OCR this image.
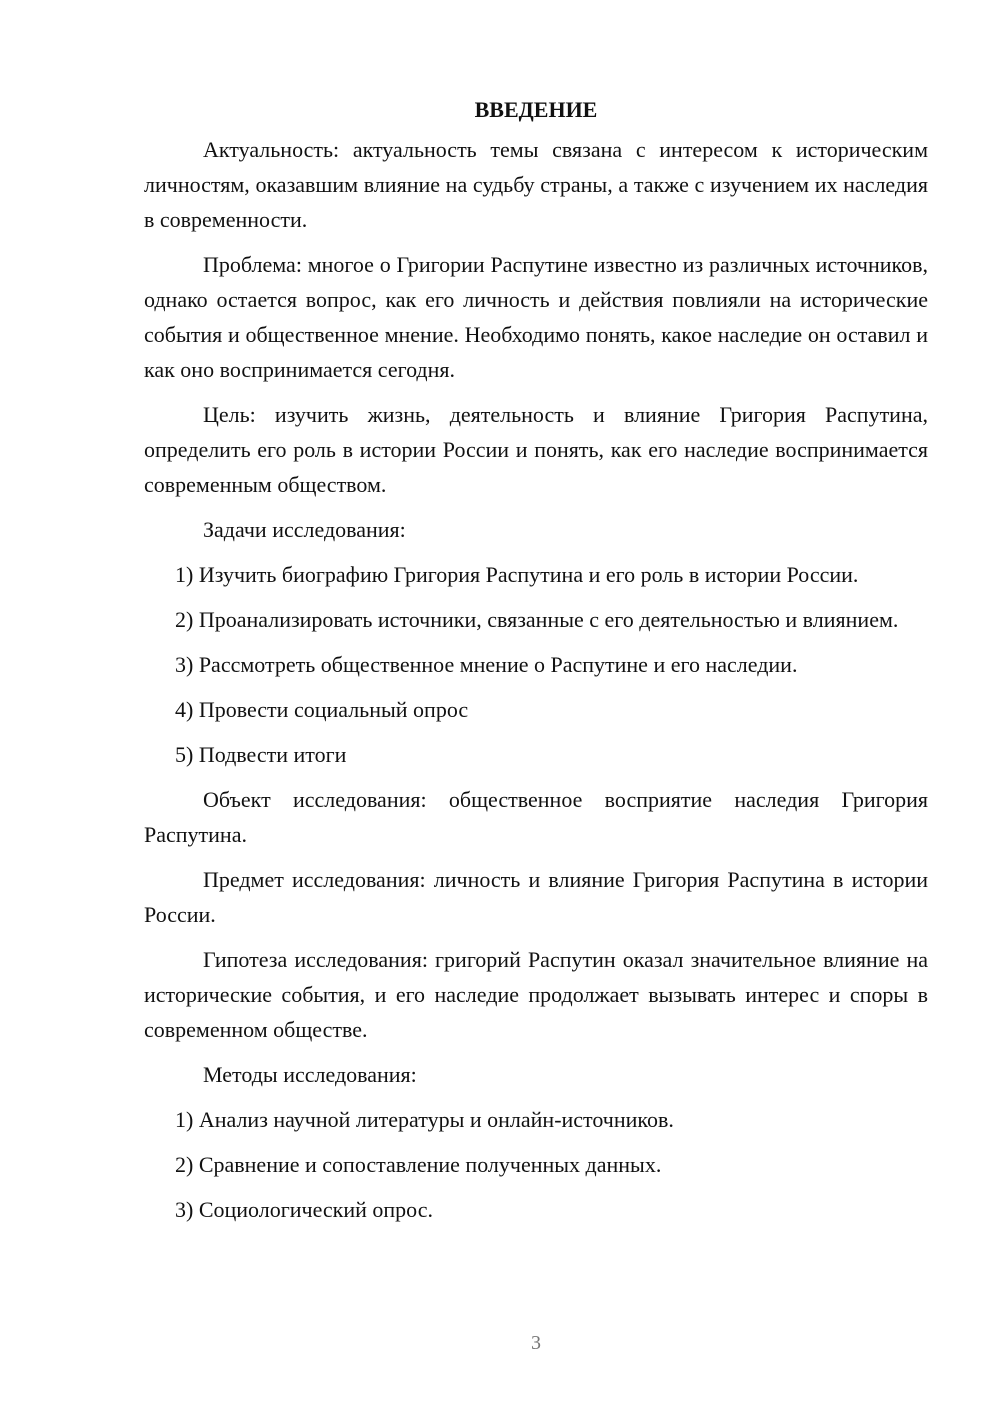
ВВЕДЕНИЕ

Актуальность: актуальность темы связана с интересом к историческим личностям, оказавшим влияние на судьбу страны, а также с изучением их наследия в современности.

Проблема: многое о Григории Распутине известно из различных источников, однако остается вопрос, как его личность и действия повлияли на исторические события и общественное мнение. Необходимо понять, какое наследие он оставил и как оно воспринимается сегодня.

Цель: изучить жизнь, деятельность и влияние Григория Распутина, определить его роль в истории России и понять, как его наследие воспринимается современным обществом.

Задачи исследования:

1) Изучить биографию Григория Распутина и его роль в истории России.

2) Проанализировать источники, связанные с его деятельностью и влиянием.

3) Рассмотреть общественное мнение о Распутине и его наследии.

4) Провести социальный опрос

5) Подвести итоги

Объект исследования: общественное восприятие наследия Григория Распутина.

Предмет исследования: личность и влияние Григория Распутина в истории России.

Гипотеза исследования: григорий Распутин оказал значительное влияние на исторические события, и его наследие продолжает вызывать интерес и споры в современном обществе.

Методы исследования:

1) Анализ научной литературы и онлайн-источников.

2) Сравнение и сопоставление полученных данных.

3) Социологический опрос.

3
